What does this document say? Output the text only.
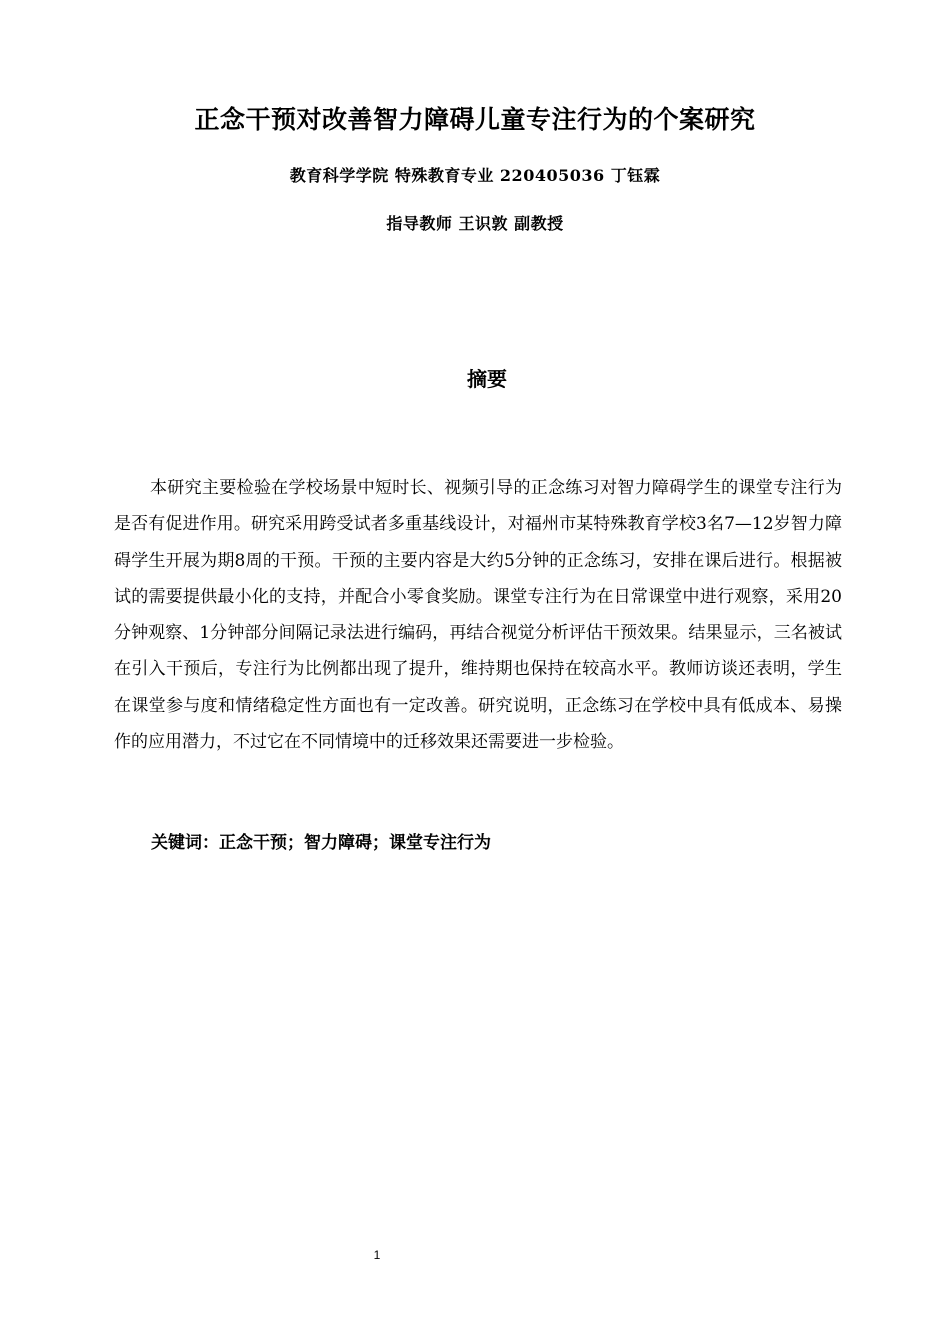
正念干预对改善智力障碍儿童专注行为的个案研究
教育科学学院 特殊教育专业 220405036 丁钰霖
指导教师 王识敦 副教授
摘要

本研究主要检验在学校场景中短时长、视频引导的正念练习对智力障碍学生的课堂专注行为是否有促进作用。研究采用跨受试者多重基线设计，对福州市某特殊教育学校3名7—12岁智力障碍学生开展为期8周的干预。干预的主要内容是大约5分钟的正念练习，安排在课后进行。根据被试的需要提供最小化的支持，并配合小零食奖励。课堂专注行为在日常课堂中进行观察，采用20分钟观察、1分钟部分间隔记录法进行编码，再结合视觉分析评估干预效果。结果显示，三名被试在引入干预后，专注行为比例都出现了提升，维持期也保持在较高水平。教师访谈还表明，学生在课堂参与度和情绪稳定性方面也有一定改善。研究说明，正念练习在学校中具有低成本、易操作的应用潜力，不过它在不同情境中的迁移效果还需要进一步检验。

关键词：正念干预；智力障碍；课堂专注行为
1
